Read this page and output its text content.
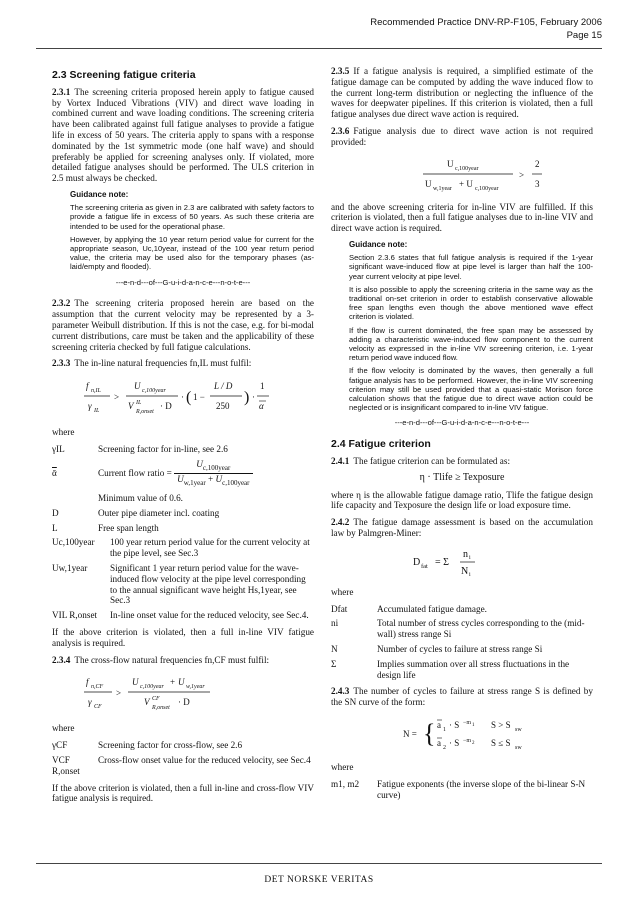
Recommended Practice DNV-RP-F105, February 2006
Page 15
2.3 Screening fatigue criteria

2.3.1 The screening criteria proposed herein apply to fatigue caused by Vortex Induced Vibrations (VIV) and direct wave loading in combined current and wave loading conditions. The screening criteria have been calibrated against full fatigue analyses to provide a fatigue life in excess of 50 years. The criteria apply to spans with a response dominated by the 1st symmetric mode (one half wave) and should preferably be applied for screening analyses only. If violated, more detailed fatigue analyses should be performed. The ULS criterion in 2.5 must always be checked.

Guidance note:

The screening criteria as given in 2.3 are calibrated with safety factors to provide a fatigue life in excess of 50 years. As such these criteria are intended to be used for the operational phase.

However, by applying the 10 year return period value for current for the appropriate season, Uc,10year, instead of the 100 year return period value, the criteria may be used also for the temporary phases (as-laid/empty and flooded).

---e-n-d---of---G-u-i-d-a-n-c-e---n-o-t-e---

2.3.2 The screening criteria proposed herein are based on the assumption that the current velocity may be represented by a 3-parameter Weibull distribution. If this is not the case, e.g. for bi-modal current distributions, care must be taken and the applicability of these screening criteria checked by full fatigue calculations.

2.3.3 The in-line natural frequencies fn,IL must fulfil:

f n,IL
γ IL
>
U c,100year
V IL
R,onset
· D
· ( 1 −
L / D
250 ) ·
1
α

where

γIL	Screening factor for in-line, see 2.6
$\overline{ᾱ}$	Current flow ratio = $\frac{U_{c,100year}}{U_{w,1year} + U_{c,100year}}$
Minimum value of 0.6.
D	Outer pipe diameter incl. coating
L	Free span length
Uc,100year	100 year return period value for the current velocity at the pipe level, see Sec.3
Uw,1year	Significant 1 year return period value for the wave-induced flow velocity at the pipe level corresponding to the annual significant wave height Hs,1year, see Sec.3
VIL R,onset	In-line onset value for the reduced velocity, see Sec.4.

If the above criterion is violated, then a full in-line VIV fatigue analysis is required.

2.3.4 The cross-flow natural frequencies fn,CF must fulfil:

f n,CF
γ CF
>
U c,100year + U w,1year
V CF
R,onset
· D

where

γCF	Screening factor for cross-flow, see 2.6
VCF R,onset
Cross-flow onset value for the reduced velocity, see Sec.4

If the above criterion is violated, then a full in-line and cross-flow VIV fatigue analysis is required.

2.3.5 If a fatigue analysis is required, a simplified estimate of the fatigue damage can be computed by adding the wave induced flow to the current long-term distribution or neglecting the influence of the waves for deepwater pipelines. If this criterion is violated, then a full fatigue analyses due direct wave action is required.

2.3.6 Fatigue analysis due to direct wave action is not required provided:

U c,100year
U w,1year + U c,100year
>
2
3

and the above screening criteria for in-line VIV are fulfilled. If this criterion is violated, then a full fatigue analyses due to in-line VIV and direct wave action is required.

Guidance note:

Section 2.3.6 states that full fatigue analysis is required if the 1-year significant wave-induced flow at pipe level is larger than half the 100-year current velocity at pipe level.

It is also possible to apply the screening criteria in the same way as the traditional on-set criterion in order to establish conservative allowable free span lengths even though the above mentioned wave effect criterion is violated.

If the flow is current dominated, the free span may be assessed by adding a characteristic wave-induced flow component to the current velocity as expressed in the in-line VIV screening criterion, i.e. 1-year return period wave induced flow.

If the flow velocity is dominated by the waves, then generally a full fatigue analysis has to be performed. However, the in-line VIV screening criterion may still be used provided that a quasi-static Morison force calculation shows that the fatigue due to direct wave action could be neglected or is insignificant compared to in-line VIV fatigue.

---e-n-d---of---G-u-i-d-a-n-c-e---n-o-t-e---
2.4 Fatigue criterion

2.4.1 The fatigue criterion can be formulated as:

η · Tlife ≥ Texposure

where η is the allowable fatigue damage ratio, Tlife the fatigue design life capacity and Texposure the design life or load exposure time.

2.4.2 The fatigue damage assessment is based on the accumulation law by Palmgren-Miner:

D fat = Σ
n i
N i

where

Dfat	Accumulated fatigue damage.
ni	Total number of stress cycles corresponding to the (mid-wall) stress range Si
N	Number of cycles to failure at stress range Si
Σ	Implies summation over all stress fluctuations in the design life

2.4.3 The number of cycles to failure at stress range S is defined by the SN curve of the form:

N = { a 1 · S −m 1 S > S sw
a 2 · S −m 2 S ≤ S sw

where

m1, m2	Fatigue exponents (the inverse slope of the bi-linear S-N curve)
DET NORSKE VERITAS
